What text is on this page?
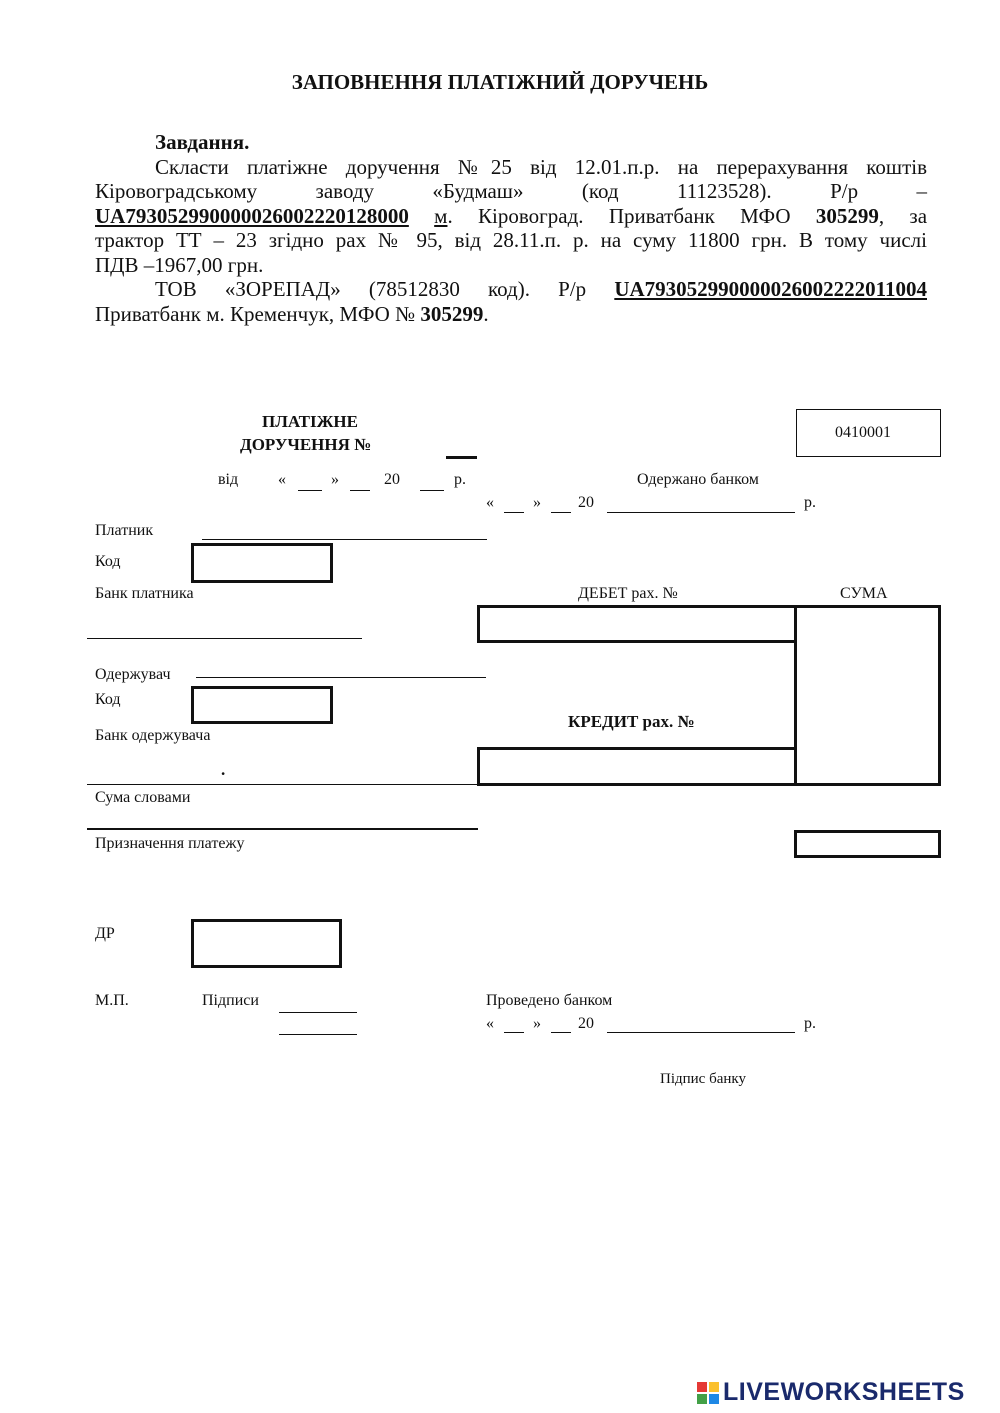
ЗАПОВНЕННЯ ПЛАТІЖНИЙ ДОРУЧЕНЬ
Завдання.
Скласти платіжне доручення №25 від 12.01.п.р. на перерахування коштів
Кіровоградському заводу «Будмаш» (код 11123528). Р/р –
UA793052990000026002220128000 м. Кіровоград. Приватбанк МФО 305299, за
трактор ТТ – 23 згідно рах № 95, від 28.11.п. р. на суму 11800 грн. В тому числі
ПДВ –1967,00 грн.
ТОВ «ЗОРЕПАД» (78512830 код). Р/р UA793052990000026002222011004
Приватбанк м. Кременчук, МФО № 305299.
ПЛАТІЖНЕ
ДОРУЧЕННЯ №
0410001
від «	»	20	р.	Одержано банком
« » 20	р.
Платник
Код
Банк платника	ДЕБЕТ рах. №	СУМА
Одержувач
Код
КРЕДИТ рах. №
Банк одержувача
.
Сума словами
Призначення платежу
ДР
М.П.	Підписи	Проведено банком
« » 20	р.
Підпис банку
LIVEWORKSHEETS
